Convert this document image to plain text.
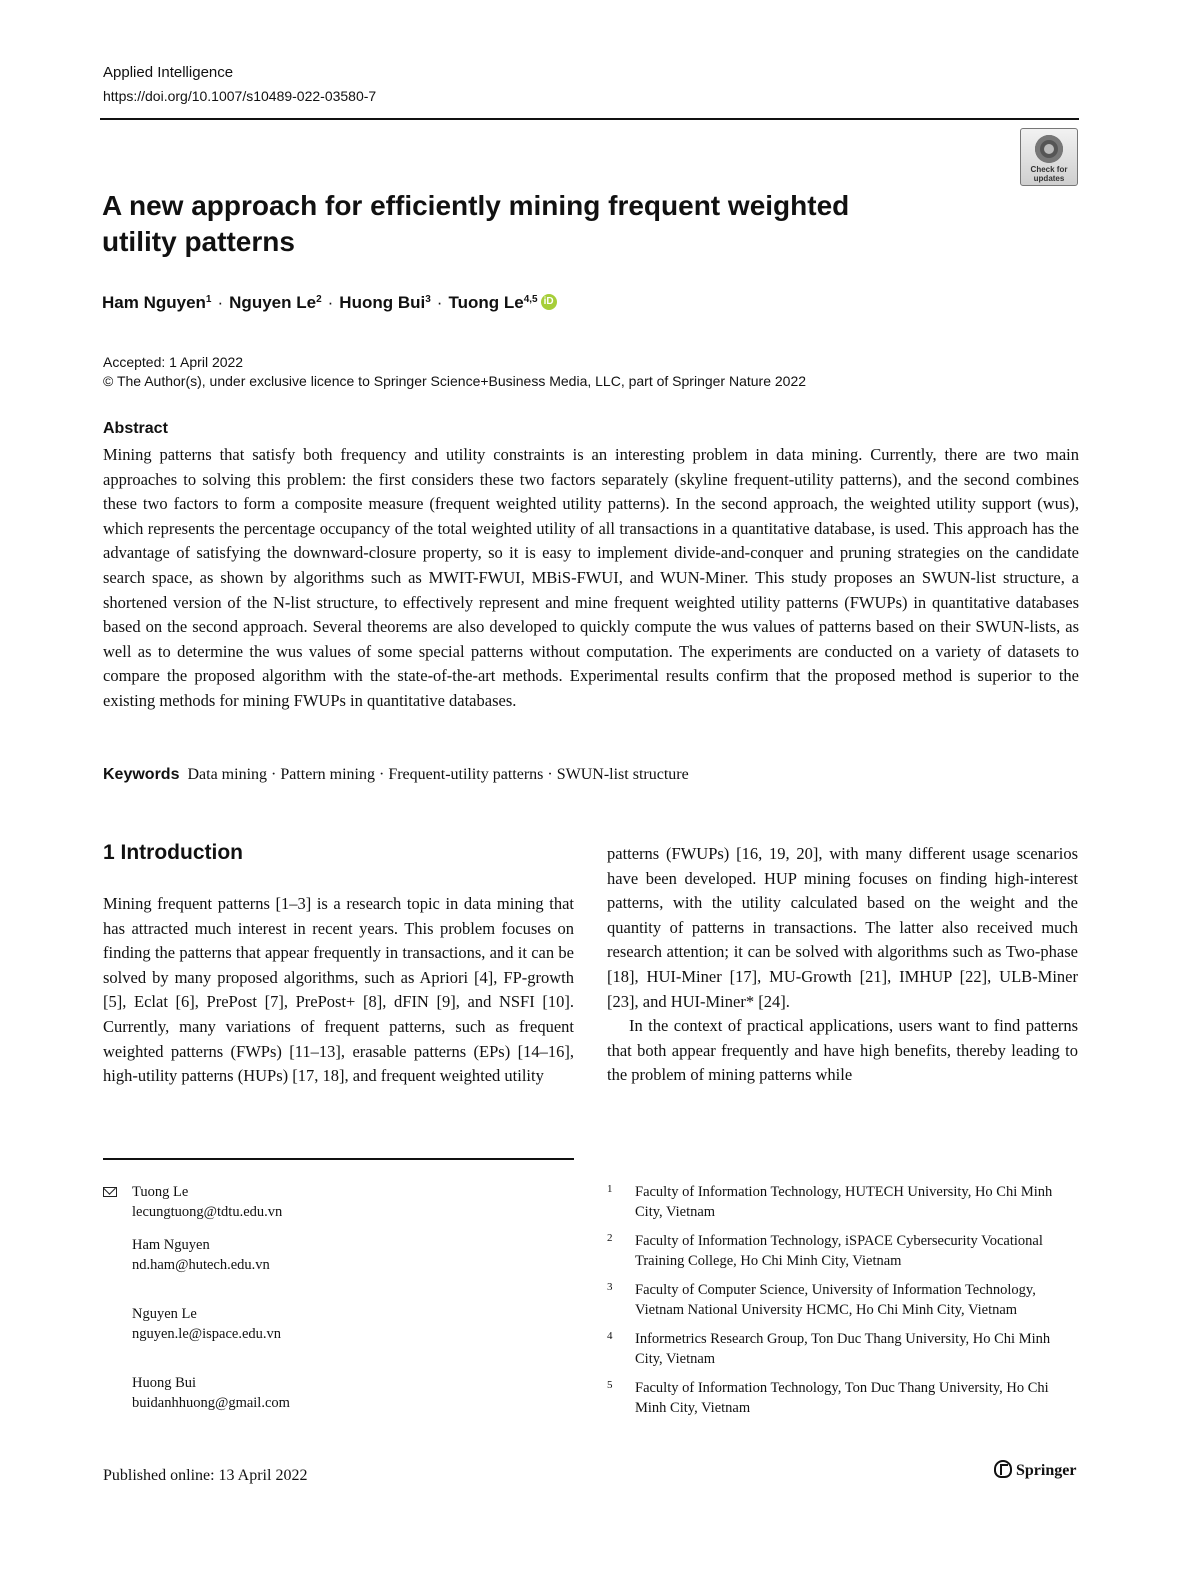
Applied Intelligence
https://doi.org/10.1007/s10489-022-03580-7
Check for updates
A new approach for efficiently mining frequent weighted utility patterns
Ham Nguyen$^1$ · Nguyen $Le^2$ · Huong Bui$^3$ · Tuong Le$^{4,5}$ iD
Accepted: 1 April 2022
© The Author(s), under exclusive licence to Springer Science+Business Media, LLC, part of Springer Nature 2022
Abstract
Mining patterns that satisfy both frequency and utility constraints is an interesting problem in data mining. Currently, there are two main approaches to solving this problem: the first considers these two factors separately (skyline frequent-utility patterns), and the second combines these two factors to form a composite measure (frequent weighted utility patterns). In the second approach, the weighted utility support (wus), which represents the percentage occupancy of the total weighted utility of all transactions in a quantitative database, is used. This approach has the advantage of satisfying the downward-closure property, so it is easy to implement divide-and-conquer and pruning strategies on the candidate search space, as shown by algorithms such as MWIT-FWUI, MBiS-FWUI, and WUN-Miner. This study proposes an SWUN-list structure, a shortened version of the N-list structure, to effectively represent and mine frequent weighted utility patterns (FWUPs) in quantitative databases based on the second approach. Several theorems are also developed to quickly compute the wus values of patterns based on their SWUN-lists, as well as to determine the wus values of some special patterns without computation. The experiments are conducted on a variety of datasets to compare the proposed algorithm with the state-of-the-art methods. Experimental results confirm that the proposed method is superior to the existing methods for mining FWUPs in quantitative databases.
Keywords Data mining · Pattern mining · Frequent-utility patterns · SWUN-list structure
1 Introduction

Mining frequent patterns [1–3] is a research topic in data mining that has attracted much interest in recent years. This problem focuses on finding the patterns that appear frequently in transactions, and it can be solved by many proposed algorithms, such as Apriori [4], FP-growth [5], Eclat [6], PrePost [7], PrePost+ [8], dFIN [9], and NSFI [10]. Currently, many variations of frequent patterns, such as frequent weighted patterns (FWPs) [11–13], erasable patterns (EPs) [14–16], high-utility patterns (HUPs) [17, 18], and frequent weighted utility

patterns (FWUPs) [16, 19, 20], with many different usage scenarios have been developed. HUP mining focuses on finding high-interest patterns, with the utility calculated based on the weight and the quantity of patterns in transactions. The latter also received much research attention; it can be solved with algorithms such as Two-phase [18], HUI-Miner [17], MU-Growth [21], IMHUP [22], ULB-Miner [23], and HUI-Miner* [24].

In the context of practical applications, users want to find patterns that both appear frequently and have high benefits, thereby leading to the problem of mining patterns while

Tuong Le
lecungtuong@tdtu.edu.vn
Ham Nguyen
nd.ham@hutech.edu.vn
Nguyen Le
nguyen.le@ispace.edu.vn
Huong Bui
buidanhhuong@gmail.com
1 Faculty of Information Technology, HUTECH University, Ho Chi Minh City, Vietnam
2 Faculty of Information Technology, iSPACE Cybersecurity Vocational Training College, Ho Chi Minh City, Vietnam
3 Faculty of Computer Science, University of Information Technology, Vietnam National University HCMC, Ho Chi Minh City, Vietnam
4 Informetrics Research Group, Ton Duc Thang University, Ho Chi Minh City, Vietnam
5 Faculty of Information Technology, Ton Duc Thang University, Ho Chi Minh City, Vietnam
Published online: 13 April 2022	Springer
